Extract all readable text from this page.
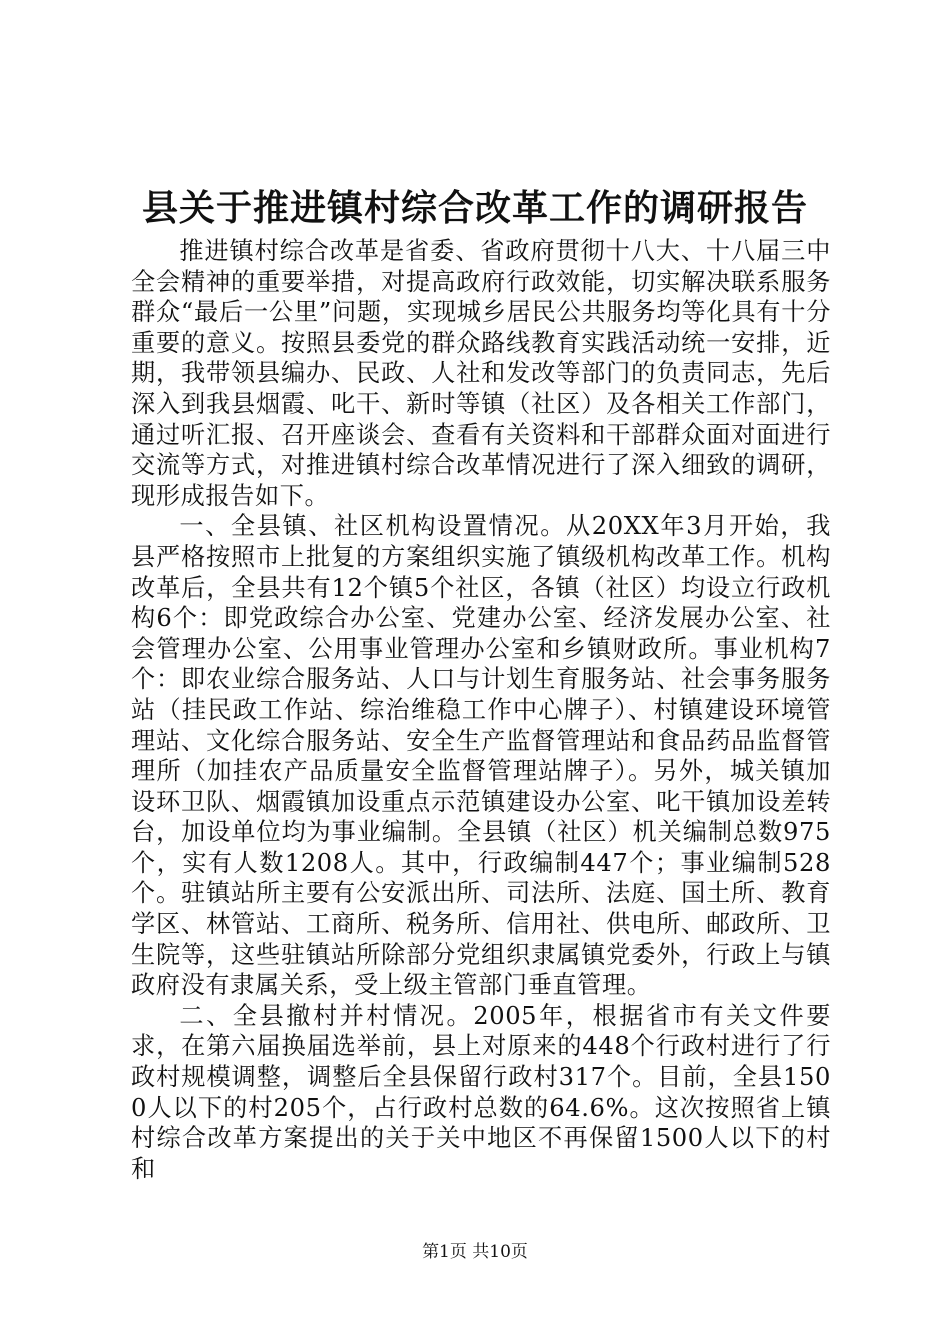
县关于推进镇村综合改革工作的调研报告

推进镇村综合改革是省委、省政府贯彻十八大、十八届三中全会精神的重要举措，对提高政府行政效能，切实解决联系服务群众“最后一公里”问题，实现城乡居民公共服务均等化具有十分重要的意义。按照县委党的群众路线教育实践活动统一安排，近期，我带领县编办、民政、人社和发改等部门的负责同志，先后深入到我县烟霞、叱干、新时等镇（社区）及各相关工作部门，通过听汇报、召开座谈会、查看有关资料和干部群众面对面进行交流等方式，对推进镇村综合改革情况进行了深入细致的调研，现形成报告如下。

一、全县镇、社区机构设置情况。从20XX年3月开始，我县严格按照市上批复的方案组织实施了镇级机构改革工作。机构改革后，全县共有12个镇5个社区，各镇（社区）均设立行政机构6个：即党政综合办公室、党建办公室、经济发展办公室、社会管理办公室、公用事业管理办公室和乡镇财政所。事业机构7个：即农业综合服务站、人口与计划生育服务站、社会事务服务站（挂民政工作站、综治维稳工作中心牌子）、村镇建设环境管理站、文化综合服务站、安全生产监督管理站和食品药品监督管理所（加挂农产品质量安全监督管理站牌子）。另外，城关镇加设环卫队、烟霞镇加设重点示范镇建设办公室、叱干镇加设差转台，加设单位均为事业编制。全县镇（社区）机关编制总数975个，实有人数1208人。其中，行政编制447个；事业编制528个。驻镇站所主要有公安派出所、司法所、法庭、国土所、教育学区、林管站、工商所、税务所、信用社、供电所、邮政所、卫生院等，这些驻镇站所除部分党组织隶属镇党委外，行政上与镇政府没有隶属关系，受上级主管部门垂直管理。

二、全县撤村并村情况。2005年，根据省市有关文件要求，在第六届换届选举前，县上对原来的448个行政村进行了行政村规模调整，调整后全县保留行政村317个。目前，全县1500人以下的村205个，占行政村总数的64.6%。这次按照省上镇村综合改革方案提出的关于关中地区不再保留1500人以下的村和

第1页 共10页
